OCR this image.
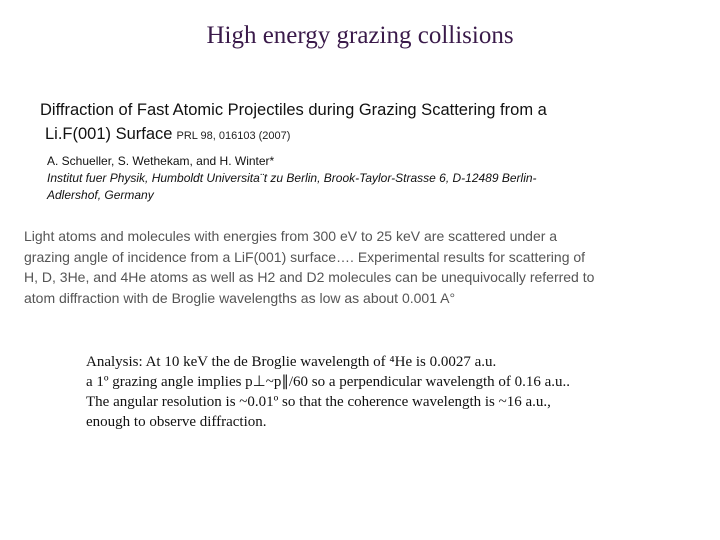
High energy grazing collisions
Diffraction of Fast Atomic Projectiles during Grazing Scattering from a
Li.F(001) Surface PRL 98, 016103 (2007)
A. Schueller, S. Wethekam, and H. Winter*
Institut fuer Physik, Humboldt Universita¨t zu Berlin, Brook-Taylor-Strasse 6, D-12489 Berlin-
Adlershof, Germany
Light atoms and molecules with energies from 300 eV to 25 keV are scattered under a
grazing angle of incidence from a LiF(001) surface…. Experimental results for scattering of
H, D, 3He, and 4He atoms as well as H2 and D2 molecules can be unequivocally referred to
atom diffraction with de Broglie wavelengths as low as about 0.001 A°
Analysis: At 10 keV the de Broglie wavelength of ⁴He is 0.0027 a.u.
a 1º grazing angle implies p⊥~p∥/60 so a perpendicular wavelength of 0.16 a.u..
The angular resolution is ~0.01º so that the coherence wavelength is ~16 a.u.,
enough to observe diffraction.
